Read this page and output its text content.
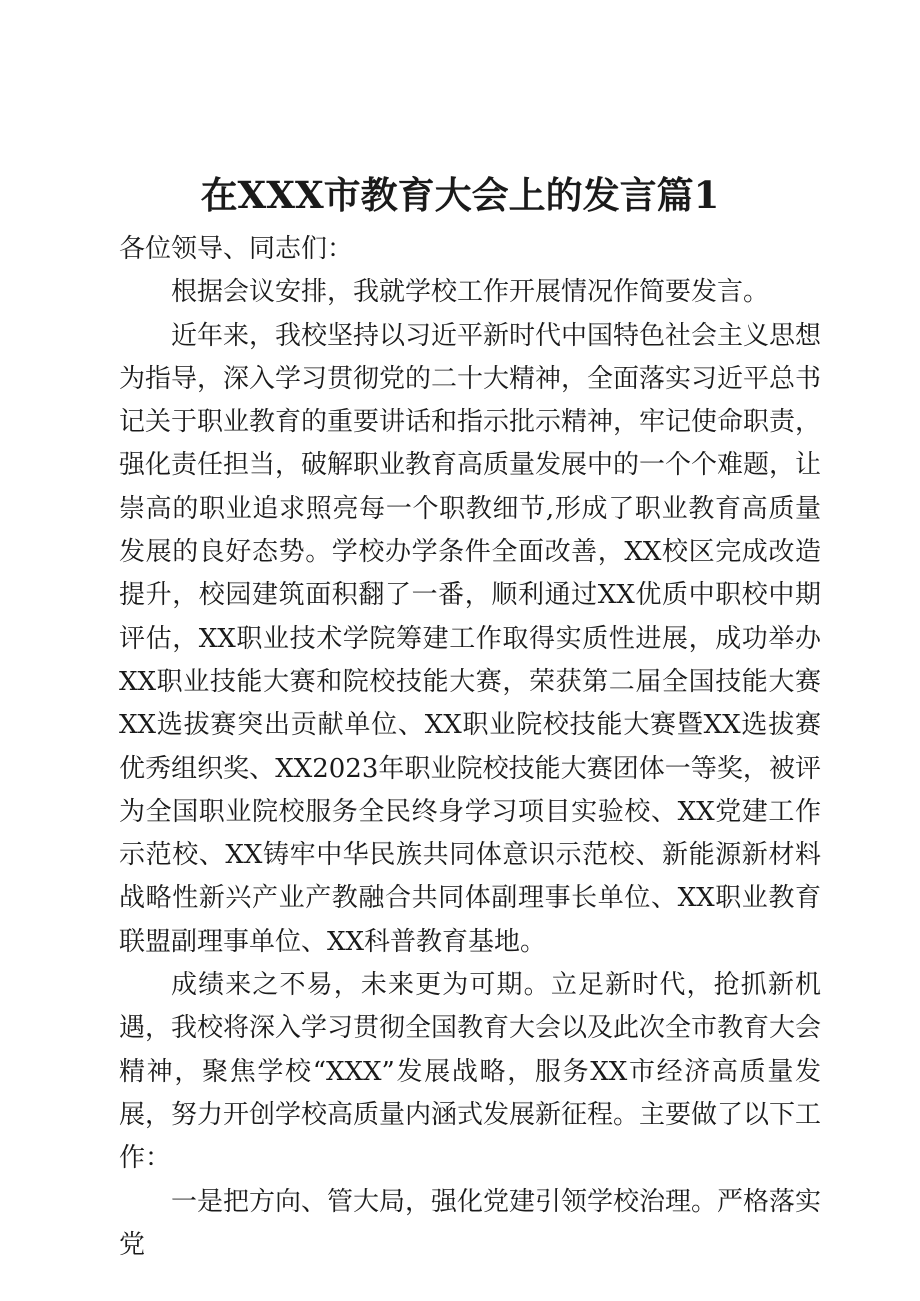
在XXX市教育大会上的发言篇1

各位领导、同志们：

根据会议安排，我就学校工作开展情况作简要发言。

近年来，我校坚持以习近平新时代中国特色社会主义思想为指导，深入学习贯彻党的二十大精神，全面落实习近平总书记关于职业教育的重要讲话和指示批示精神，牢记使命职责，强化责任担当，破解职业教育高质量发展中的一个个难题，让崇高的职业追求照亮每一个职教细节,形成了职业教育高质量发展的良好态势。学校办学条件全面改善，XX校区完成改造提升，校园建筑面积翻了一番，顺利通过XX优质中职校中期评估，XX职业技术学院筹建工作取得实质性进展，成功举办XX职业技能大赛和院校技能大赛，荣获第二届全国技能大赛XX选拔赛突出贡献单位、XX职业院校技能大赛暨XX选拔赛优秀组织奖、XX2023年职业院校技能大赛团体一等奖，被评为全国职业院校服务全民终身学习项目实验校、XX党建工作示范校、XX铸牢中华民族共同体意识示范校、新能源新材料战略性新兴产业产教融合共同体副理事长单位、XX职业教育联盟副理事单位、XX科普教育基地。

成绩来之不易，未来更为可期。立足新时代，抢抓新机遇，我校将深入学习贯彻全国教育大会以及此次全市教育大会精神，聚焦学校“XXX”发展战略，服务XX市经济高质量发展，努力开创学校高质量内涵式发展新征程。主要做了以下工作：

一是把方向、管大局，强化党建引领学校治理。严格落实党
